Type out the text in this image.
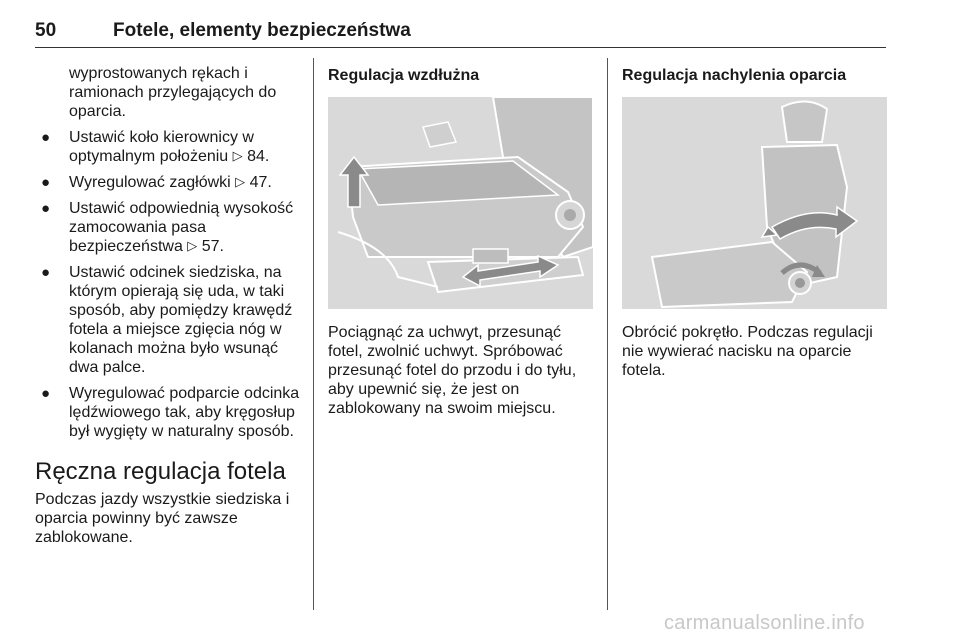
50	Fotele, elementy bezpieczeństwa
wyprostowanych rękach i ramionach przylegających do oparcia.
● Ustawić koło kierownicy w optymalnym położeniu ▷ 84.
● Wyregulować zagłówki ▷ 47.
● Ustawić odpowiednią wysokość zamocowania pasa bezpieczeństwa ▷ 57.
● Ustawić odcinek siedziska, na którym opierają się uda, w taki sposób, aby pomiędzy krawędź fotela a miejsce zgięcia nóg w kolanach można było wsunąć dwa palce.
● Wyregulować podparcie odcinka lędźwiowego tak, aby kręgosłup był wygięty w naturalny sposób.
Ręczna regulacja fotela
Podczas jazdy wszystkie siedziska i oparcia powinny być zawsze zablokowane.
Regulacja wzdłużna
Pociągnąć za uchwyt, przesunąć fotel, zwolnić uchwyt. Spróbować przesunąć fotel do przodu i do tyłu, aby upewnić się, że jest on zablokowany na swoim miejscu.
Regulacja nachylenia oparcia
Obrócić pokrętło. Podczas regulacji nie wywierać nacisku na oparcie fotela.
carmanualsonline.info
